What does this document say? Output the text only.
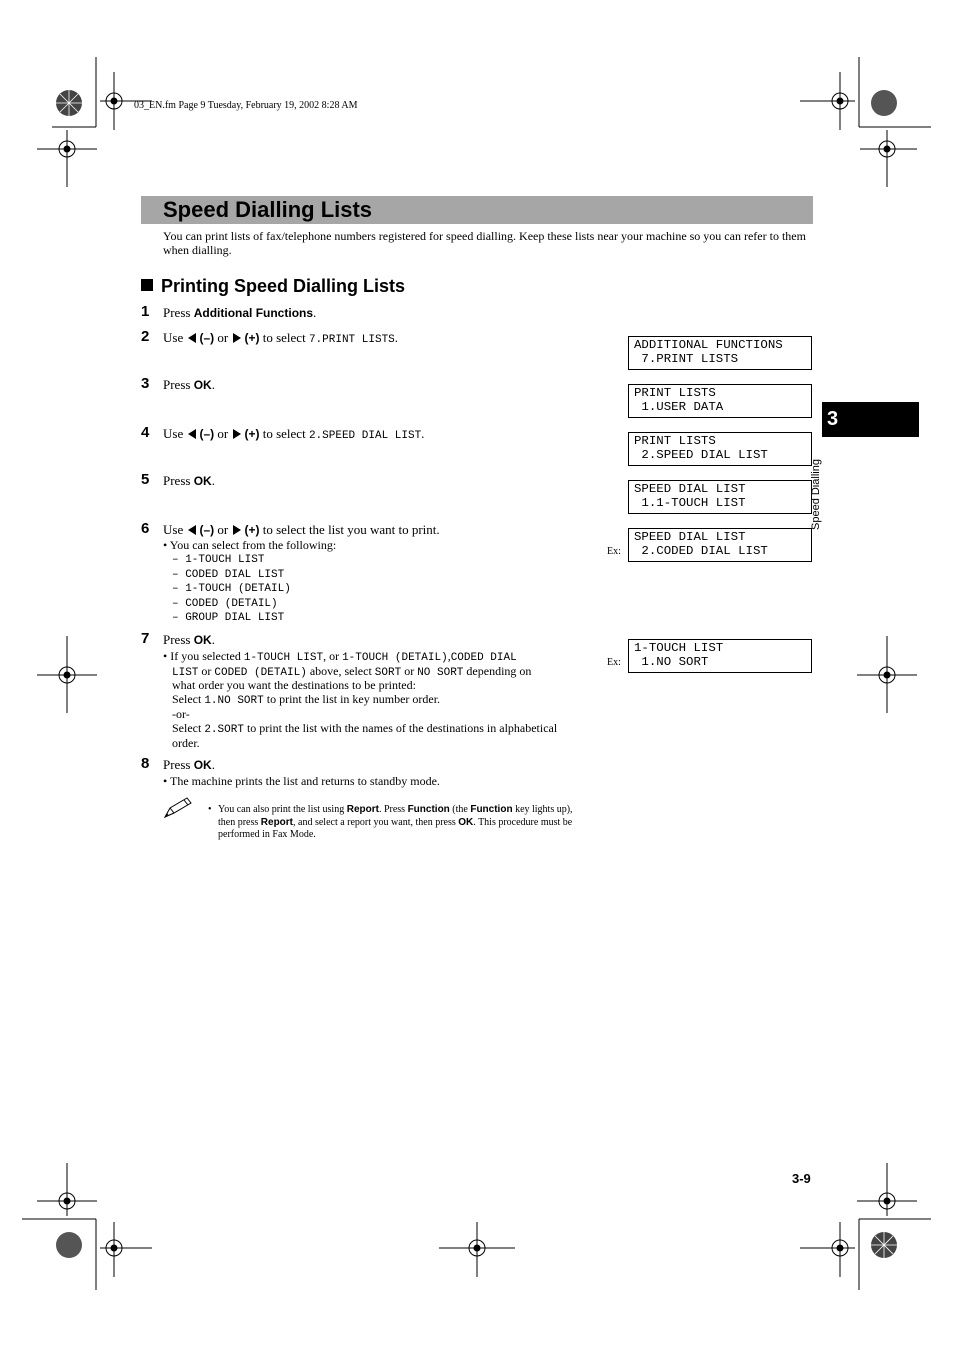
03_EN.fm Page 9 Tuesday, February 19, 2002 8:28 AM
Speed Dialling Lists
You can print lists of fax/telephone numbers registered for speed dialling. Keep these lists near your machine so you can refer to them when dialling.
Printing Speed Dialling Lists
1 Press Additional Functions.
2 Use (–) or (+) to select 7.PRINT LISTS.
3 Press OK.
4 Use (–) or (+) to select 2.SPEED DIAL LIST.
5 Press OK.
6 Use (–) or (+) to select the list you want to print.
• You can select from the following:
– 1-TOUCH LIST
– CODED DIAL LIST
– 1-TOUCH (DETAIL)
– CODED (DETAIL)
– GROUP DIAL LIST
7 Press OK.
• If you selected 1-TOUCH LIST, or 1-TOUCH (DETAIL),CODED DIAL
LIST or CODED (DETAIL) above, select SORT or NO SORT depending on
what order you want the destinations to be printed:
Select 1.NO SORT to print the list in key number order.
-or-
Select 2.SORT to print the list with the names of the destinations in alphabetical
order.
8 Press OK.
• The machine prints the list and returns to standby mode.
• You can also print the list using Report. Press Function (the Function key lights up), then press Report, and select a report you want, then press OK. This procedure must be performed in Fax Mode.
ADDITIONAL FUNCTIONS
7.PRINT LISTS
PRINT LISTS
1.USER DATA
PRINT LISTS
2.SPEED DIAL LIST
SPEED DIAL LIST
1.1-TOUCH LIST
SPEED DIAL LIST
2.CODED DIAL LIST
Ex:
1-TOUCH LIST
1.NO SORT
Ex:
3
Speed Dialling
3-9
